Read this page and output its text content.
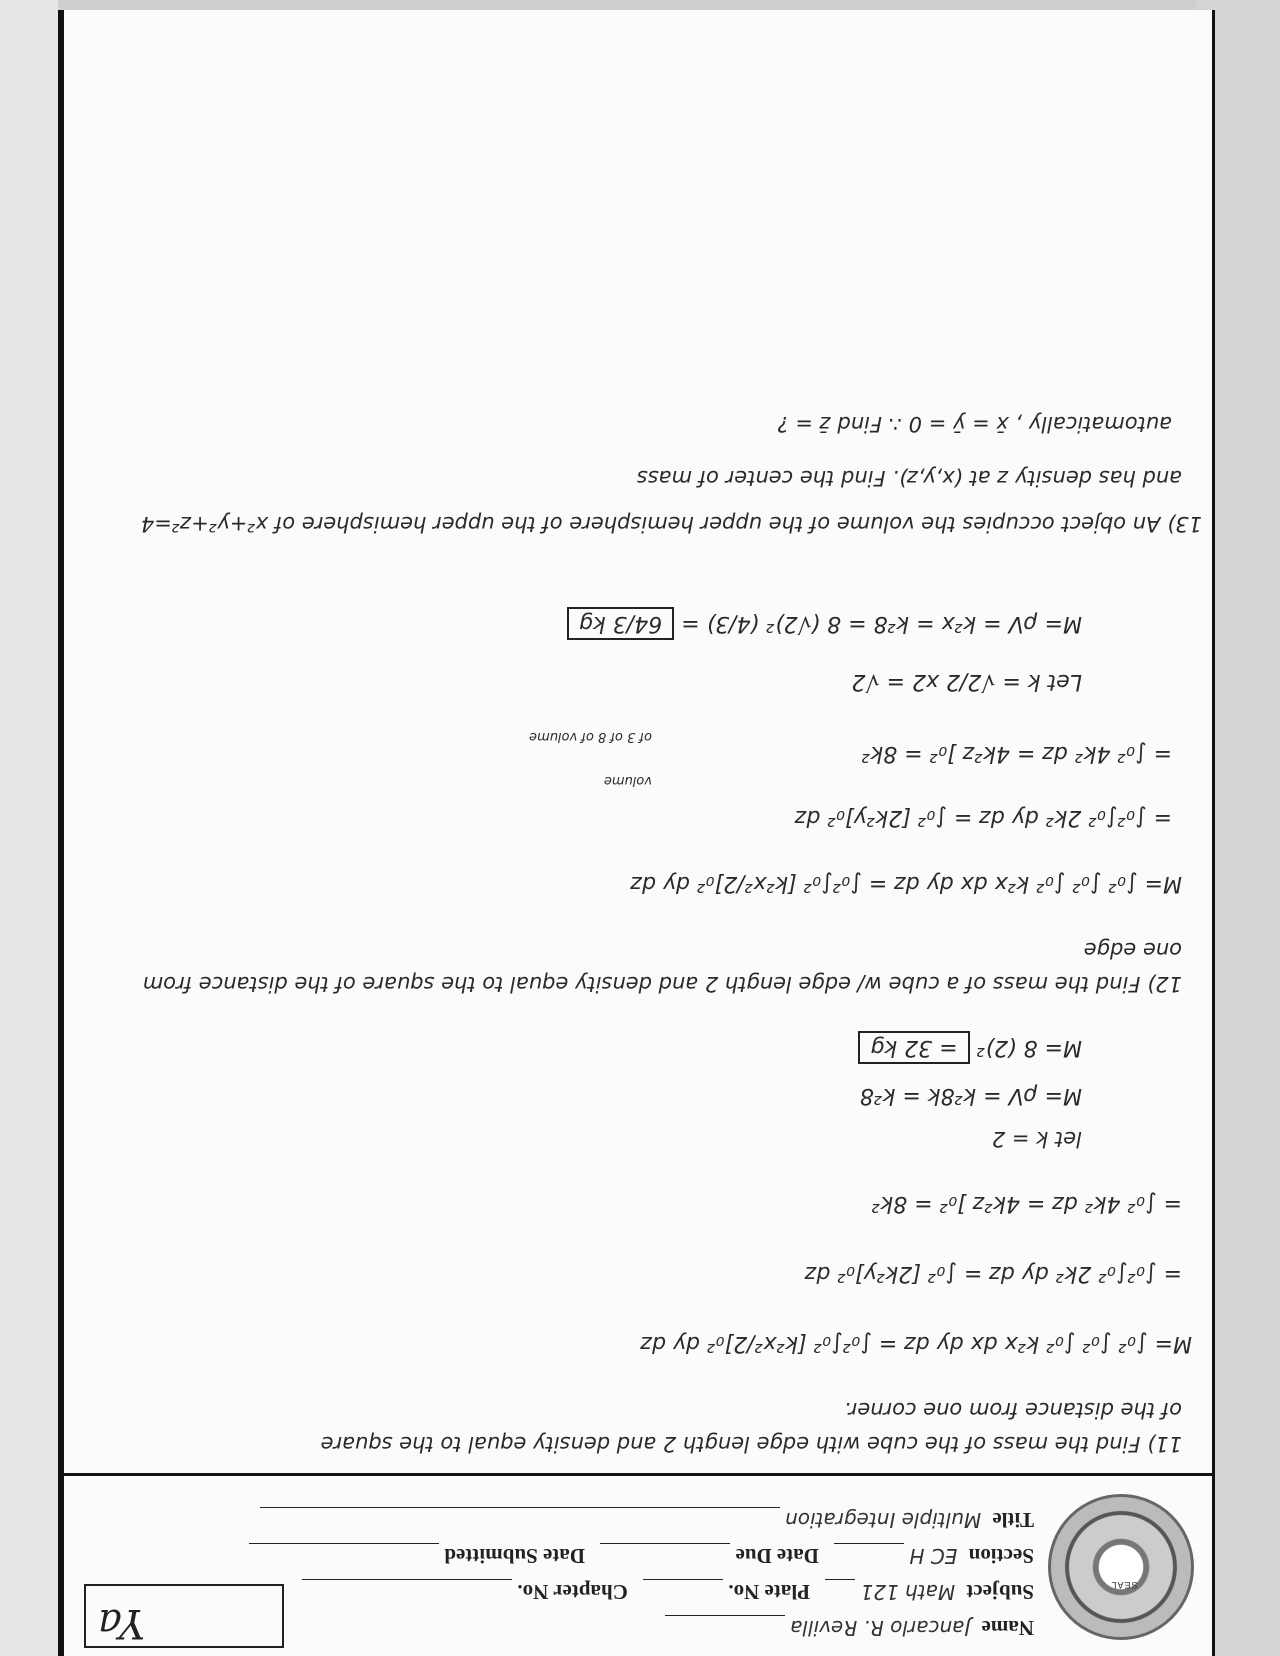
SEAL
Name Jancarlo R. Revilla
Subject Math 121  Plate No.  Chapter No.
Section EC H  Date Due  Date Submitted
Title Multiple Integration
Ya
11) Find the mass of the cube with edge length 2 and density equal to the square
of the distance from one corner.
M= ∫₀² ∫₀² ∫₀² k²x dx dy dz = ∫₀²∫₀² [k²x²/2]₀² dy dz
= ∫₀²∫₀² 2k² dy dz = ∫₀² [2k²y]₀² dz
= ∫₀² 4k² dz = 4k²z ]₀² = 8k²
let k = 2
M= ρV = k²8k = k²8
M= 8 (2)² = 32 kg
12) Find the mass of a cube w/ edge length 2 and density equal to the square of the distance from
one edge
M= ∫₀² ∫₀² ∫₀² k²x dx dy dz = ∫₀²∫₀² [k²x²/2]₀² dy dz
= ∫₀²∫₀² 2k² dy dz = ∫₀² [2k²y]₀² dz
= ∫₀² 4k² dz = 4k²z ]₀² = 8k²
volume
of 3 of 8 of volume
Let k = √2/2 x2 = √2
M= ρV = k²x = k²8 = 8 (√2)² (4/3) = 64/3 kg
13) An object occupies the volume of the upper hemisphere of the upper hemisphere of x²+y²+z²=4
and has density z at (x,y,z). Find the center of mass
automatically , x̄ = ȳ = 0 ∴ Find z̄ = ?
